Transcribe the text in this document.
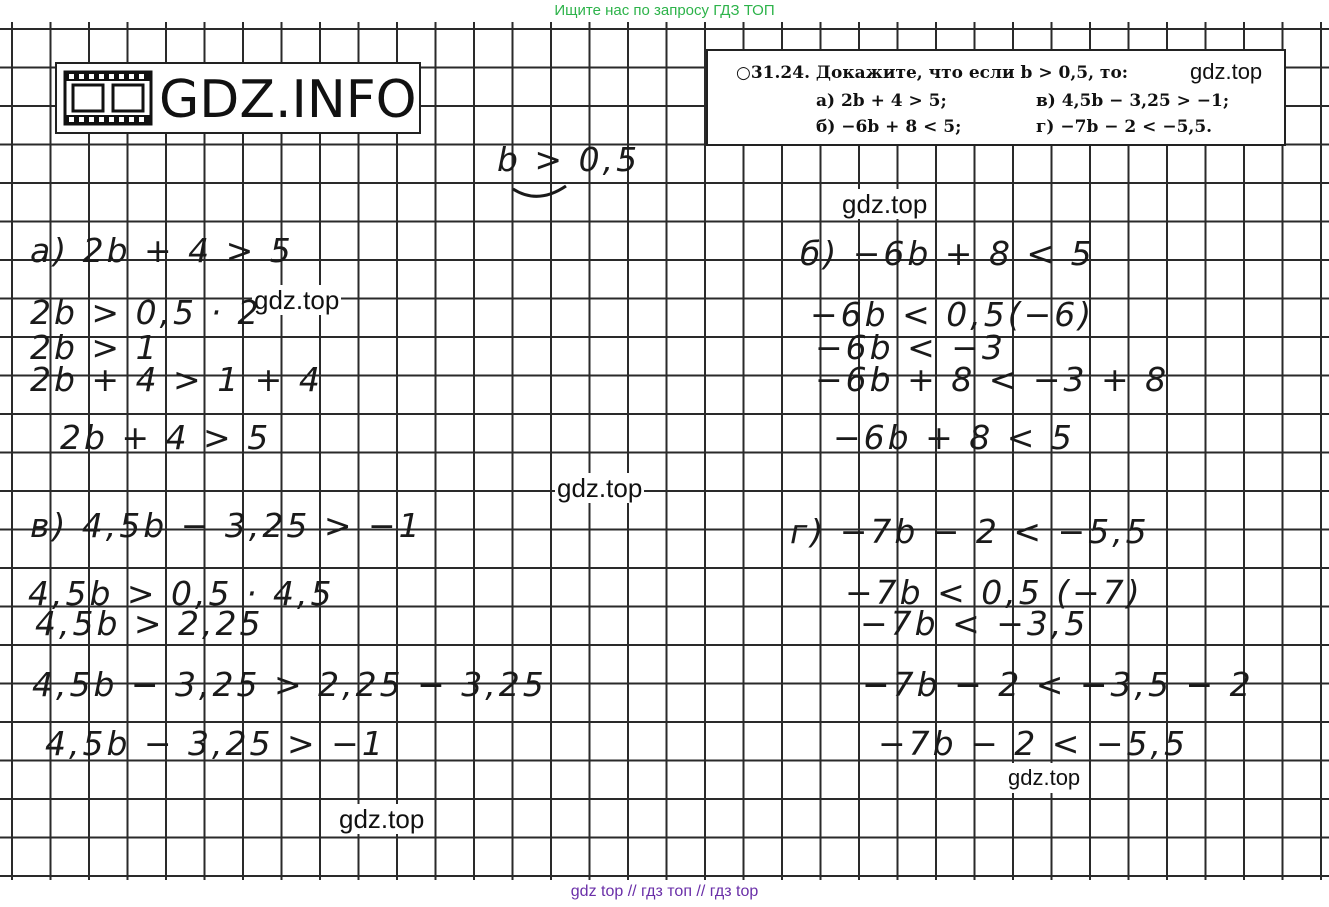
Ищите нас по запросу ГДЗ ТОП

GDZ.INFO	○31.24. Докажите, что если b > 0,5, то:
а) 2b + 4 > 5;	в) 4,5b − 3,25 > −1;
б) −6b + 8 < 5;	г) −7b − 2 < −5,5.
gdz.top
gdz.top
gdz.top
gdz.top
gdz.top
gdz.top
b > 0,5
а) 2b + 4 > 5
2b > 0,5 · 2
2b > 1
2b + 4 > 1 + 4
2b + 4 > 5
б) −6b + 8 < 5
−6b < 0,5(−6)
−6b < −3
−6b + 8 < −3 + 8
−6b + 8 < 5
в) 4,5b − 3,25 > −1
4,5b > 0,5 · 4,5
4,5b > 2,25
4,5b − 3,25 > 2,25 − 3,25
4,5b − 3,25 > −1
г) −7b − 2 < −5,5
−7b < 0,5 (−7)
−7b < −3,5
−7b − 2 < −3,5 − 2
−7b − 2 < −5,5

gdz top // гдз топ // гдз top
